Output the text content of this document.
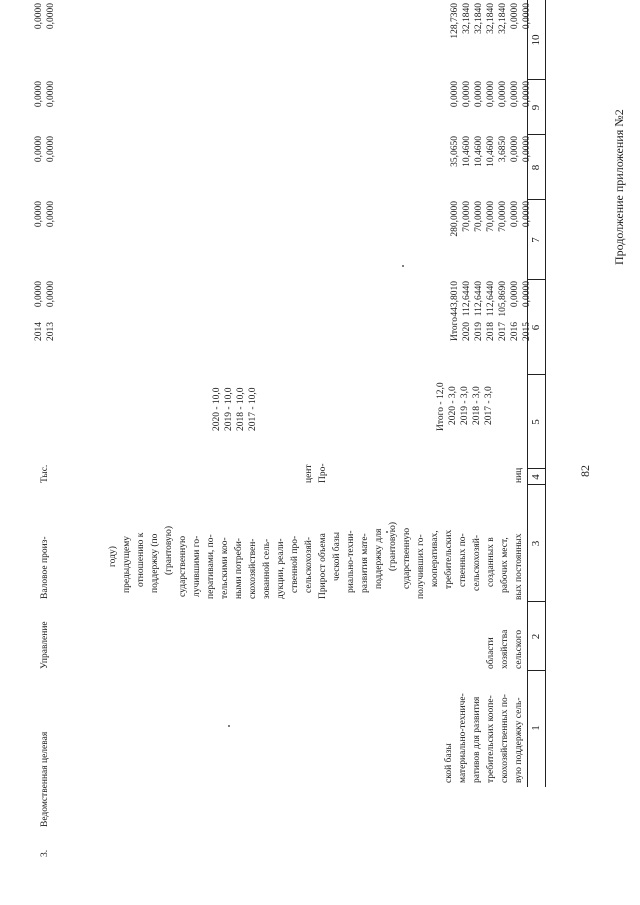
82
Продолжение приложения №2
1
2
3
4
5
6
7
8
9
10
вую поддержку сель-
скохозяйственных по-
требительских коопе-
ративов для развития
материально-техниче-
ской базы
сельского
хозяйства
области
вых постоянных
рабочих мест,
созданных в
сельскохозяй-
ственных по-
требительских
кооперативах,
получивших го-
сударственную
(грантовую)
поддержку для
развития мате-
риально-техни-
ческой базы
Прирост объема
сельскохозяй-
ственной про-
дукции, реали-
зованной сель-
скохозяйствен-
ными потреби-
тельскими коо-
перативами, по-
лучившими го-
сударственную
(грантовую)
поддержку (по
отношению к
предыдущему
году)
ниц
Про-
цент
2017 - 3,0
2018 - 3,0
2019 - 3,0
2020 - 3,0
Итого - 12,0
2017 - 10,0
2018 - 10,0
2019 - 10,0
2020 - 10,0
2015
2016
2017
2018
2019
2020
Итого
0,0000
0,0000
105,8690
112,6440
112,6440
112,6440
443,8010
0,0000
0,0000
70,0000
70,0000
70,0000
70,0000
280,0000
0,0000
0,0000
3,6850
10,4600
10,4600
10,4600
35,0650
0,0000
0,0000
0,0000
0,0000
0,0000
0,0000
0,0000
0,0000
0,0000
32,1840
32,1840
32,1840
32,1840
128,7360
3.
Ведомственная целевая
Управление
Валовое произ-
Тыс.
2013
2014
0,0000
0,0000
0,0000
0,0000
0,0000
0,0000
0,0000
0,0000
0,0000
0,0000
